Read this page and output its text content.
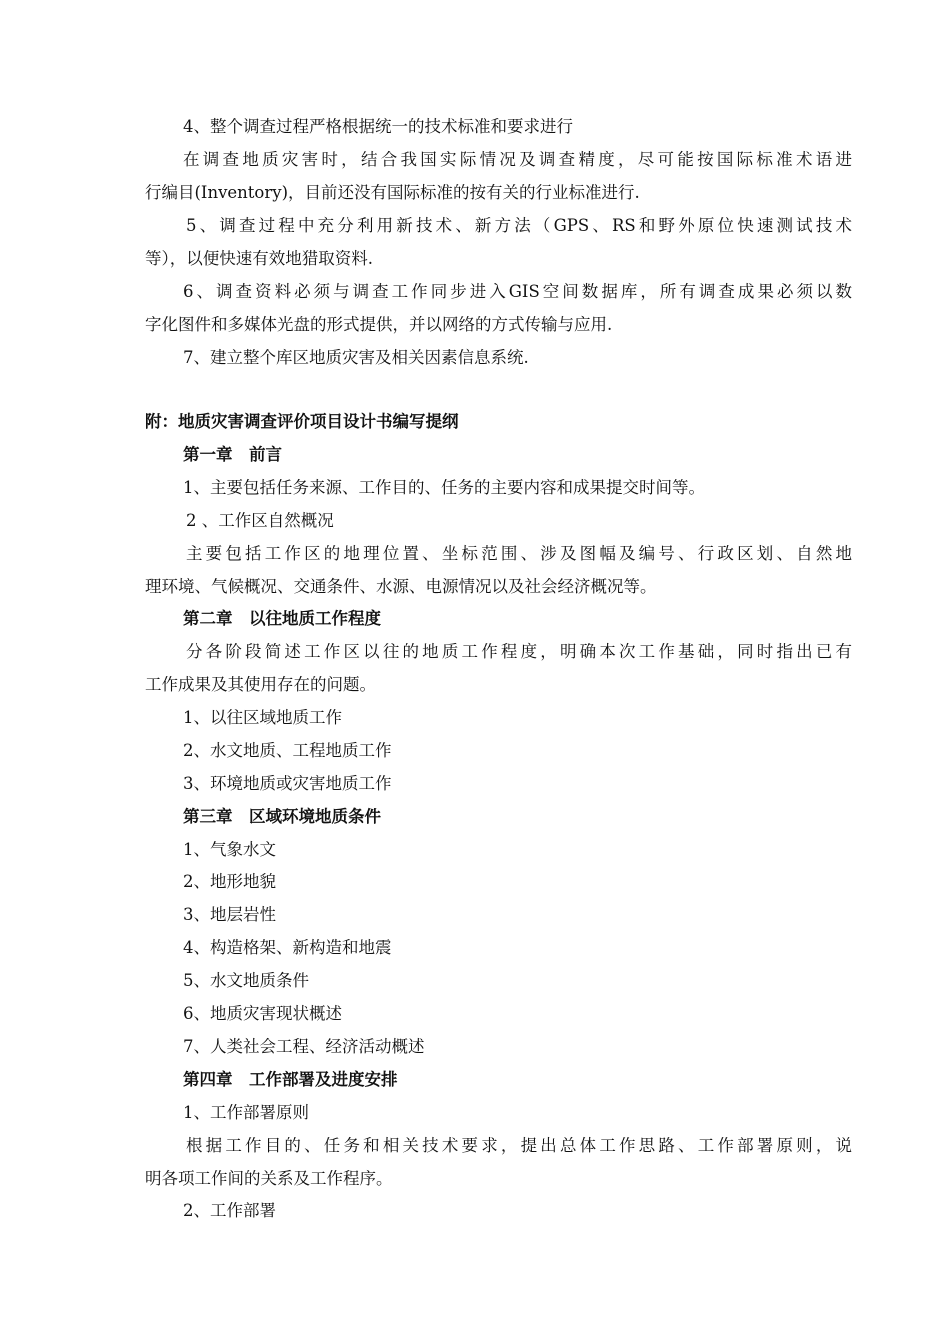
4、整个调查过程严格根据统一的技术标准和要求进行
在调查地质灾害时，结合我国实际情况及调查精度，尽可能按国际标准术语进
行编目(Inventory)，目前还没有国际标准的按有关的行业标准进行.
5、调查过程中充分利用新技术、新方法（GPS、RS和野外原位快速测试技术
等），以便快速有效地猎取资料.
6、调查资料必须与调查工作同步进入GIS空间数据库，所有调查成果必须以数
字化图件和多媒体光盘的形式提供，并以网络的方式传输与应用.
7、建立整个库区地质灾害及相关因素信息系统.
附：地质灾害调查评价项目设计书编写提纲
第一章　前言
1、主要包括任务来源、工作目的、任务的主要内容和成果提交时间等。
2 、工作区自然概况
主要包括工作区的地理位置、坐标范围、涉及图幅及编号、行政区划、自然地
理环境、气候概况、交通条件、水源、电源情况以及社会经济概况等。
第二章　以往地质工作程度
分各阶段简述工作区以往的地质工作程度，明确本次工作基础，同时指出已有
工作成果及其使用存在的问题。
1、以往区域地质工作
2、水文地质、工程地质工作
3、环境地质或灾害地质工作
第三章　区域环境地质条件
1、气象水文
2、地形地貌
3、地层岩性
4、构造格架、新构造和地震
5、水文地质条件
6、地质灾害现状概述
7、人类社会工程、经济活动概述
第四章　工作部署及进度安排
1、工作部署原则
根据工作目的、任务和相关技术要求，提出总体工作思路、工作部署原则，说
明各项工作间的关系及工作程序。
2、工作部署
